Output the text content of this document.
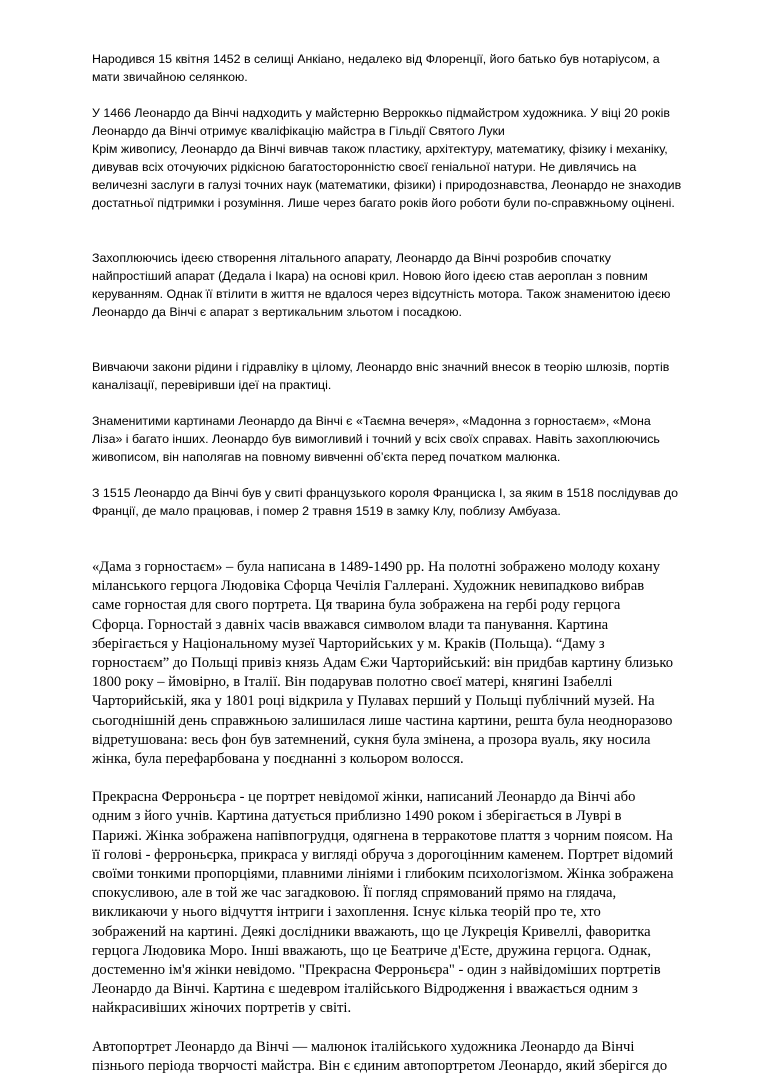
Народився 15 квітня 1452 в селищі Анкіано, недалеко від Флоренції, його батько був нотаріусом, а
мати звичайною селянкою.

У 1466 Леонардо да Вінчі надходить у майстерню Верроккьо підмайстром художника. У віці 20 років
Леонардо да Вінчі отримує кваліфікацію майстра в Гільдії Святого Луки
Крім живопису, Леонардо да Вінчі вивчав також пластику, архітектуру, математику, фізику і механіку,
дивував всіх оточуючих рідкісною багатосторонністю своєї геніальної натури. Не дивлячись на
величезні заслуги в галузі точних наук (математики, фізики) і природознавства, Леонардо не знаходив
достатньої підтримки і розуміння. Лише через багато років його роботи були по-справжньому оцінені.

Захоплюючись ідеєю створення літального апарату, Леонардо да Вінчі розробив спочатку
найпростіший апарат (Дедала і Ікара) на основі крил. Новою його ідеєю став аероплан з повним
керуванням. Однак її втілити в життя не вдалося через відсутність мотора. Також знаменитою ідеєю
Леонардо да Вінчі є апарат з вертикальним зльотом і посадкою.

Вивчаючи закони рідини і гідравліку в цілому, Леонардо вніс значний внесок в теорію шлюзів, портів
каналізації, перевіривши ідеї на практиці.

Знаменитими картинами Леонардо да Вінчі є «Таємна вечеря», «Мадонна з горностаєм», «Мона
Ліза» і багато інших. Леонардо був вимогливий і точний у всіх своїх справах. Навіть захоплюючись
живописом, він наполягав на повному вивченні об’єкта перед початком малюнка.

З 1515 Леонардо да Вінчі був у свиті французького короля Франциска I, за яким в 1518 послідував до
Франції, де мало працював, і помер 2 травня 1519 в замку Клу, поблизу Амбуаза.

«Дама з горностаєм» – була написана в 1489-1490 рр. На полотні зображено молоду кохану
міланського герцога Людовіка Сфорца Чечілія Галлерані. Художник невипадково вибрав
саме горностая для свого портрета. Ця тварина була зображена на гербі роду герцога
Сфорца. Горностай з давніх часів вважався символом влади та панування. Картина
зберігається у Національному музеї Чарторийських у м. Краків (Польща). “Даму з
горностаєм” до Польщі привіз князь Адам Єжи Чарторийський: він придбав картину близько
1800 року – ймовірно, в Італії. Він подарував полотно своєї матері, княгині Ізабеллі
Чарторийській, яка у 1801 році відкрила у Пулавах перший у Польщі публічний музей. На
сьогоднішній день справжньою залишилася лише частина картини, решта була неодноразово
відретушована: весь фон був затемнений, сукня була змінена, а прозора вуаль, яку носила
жінка, була перефарбована у поєднанні з кольором волосся.

Прекрасна Ферроньєра - це портрет невідомої жінки, написаний Леонардо да Вінчі або
одним з його учнів. Картина датується приблизно 1490 роком і зберігається в Луврі в
Парижі. Жінка зображена напівпогрудця, одягнена в терракотове плаття з чорним поясом. На
її голові - ферроньєрка, прикраса у вигляді обруча з дорогоцінним каменем. Портрет відомий
своїми тонкими пропорціями, плавними лініями і глибоким психологізмом. Жінка зображена
спокусливою, але в той же час загадковою. Її погляд спрямований прямо на глядача,
викликаючи у нього відчуття інтриги і захоплення. Існує кілька теорій про те, хто
зображений на картині. Деякі дослідники вважають, що це Лукреція Кривеллі, фаворитка
герцога Людовика Моро. Інші вважають, що це Беатриче д'Есте, дружина герцога. Однак,
достеменно ім'я жінки невідомо. "Прекрасна Ферроньєра" - один з найвідоміших портретів
Леонардо да Вінчі. Картина є шедевром італійського Відродження і вважається одним з
найкрасивіших жіночих портретів у світі.

Автопортрет Леонардо да Вінчі — малюнок італійського художника Леонардо да Вінчі
пізнього періода творчості майстра. Він є єдиним автопортретом Леонардо, який зберігся до
